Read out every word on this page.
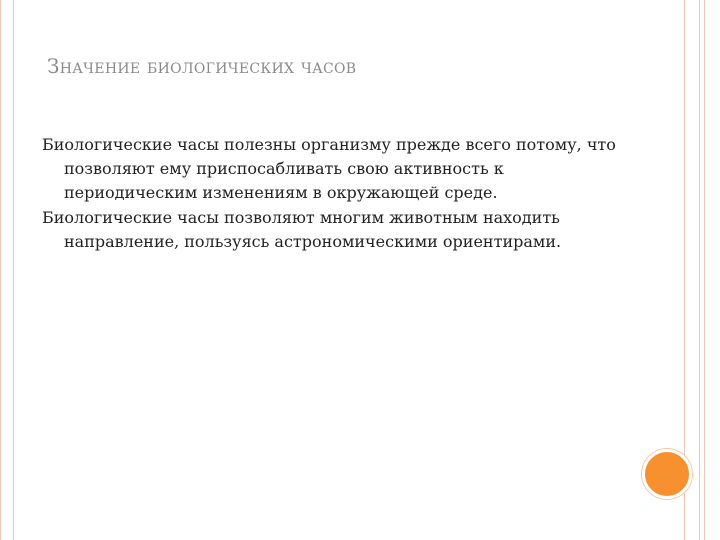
Значение биологических часов

Биологические часы полезны организму прежде всего потому, что позволяют ему приспосабливать свою активность к периодическим изменениям в окружающей среде.

Биологические часы позволяют многим животным находить направление, пользуясь астрономическими ориентирами.
